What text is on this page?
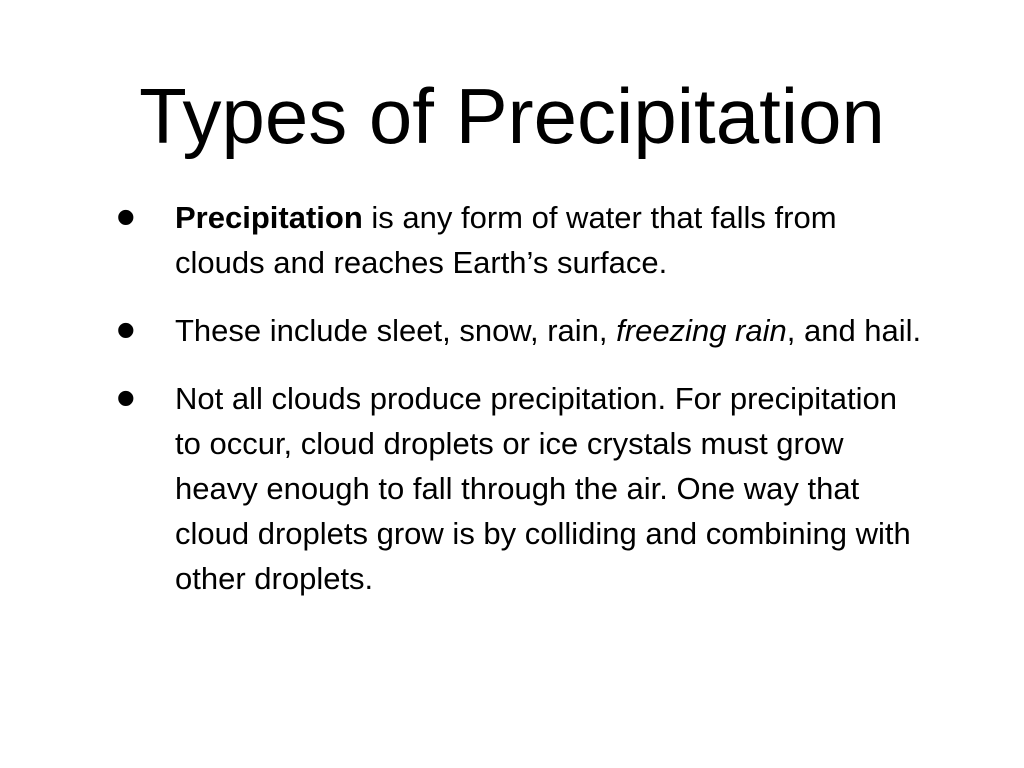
Types of Precipitation
• Precipitation is any form of water that falls from clouds and reaches Earth’s surface.
• These include sleet, snow, rain, freezing rain, and hail.
• Not all clouds produce precipitation. For precipitation to occur, cloud droplets or ice crystals must grow heavy enough to fall through the air. One way that cloud droplets grow is by colliding and combining with other droplets.
